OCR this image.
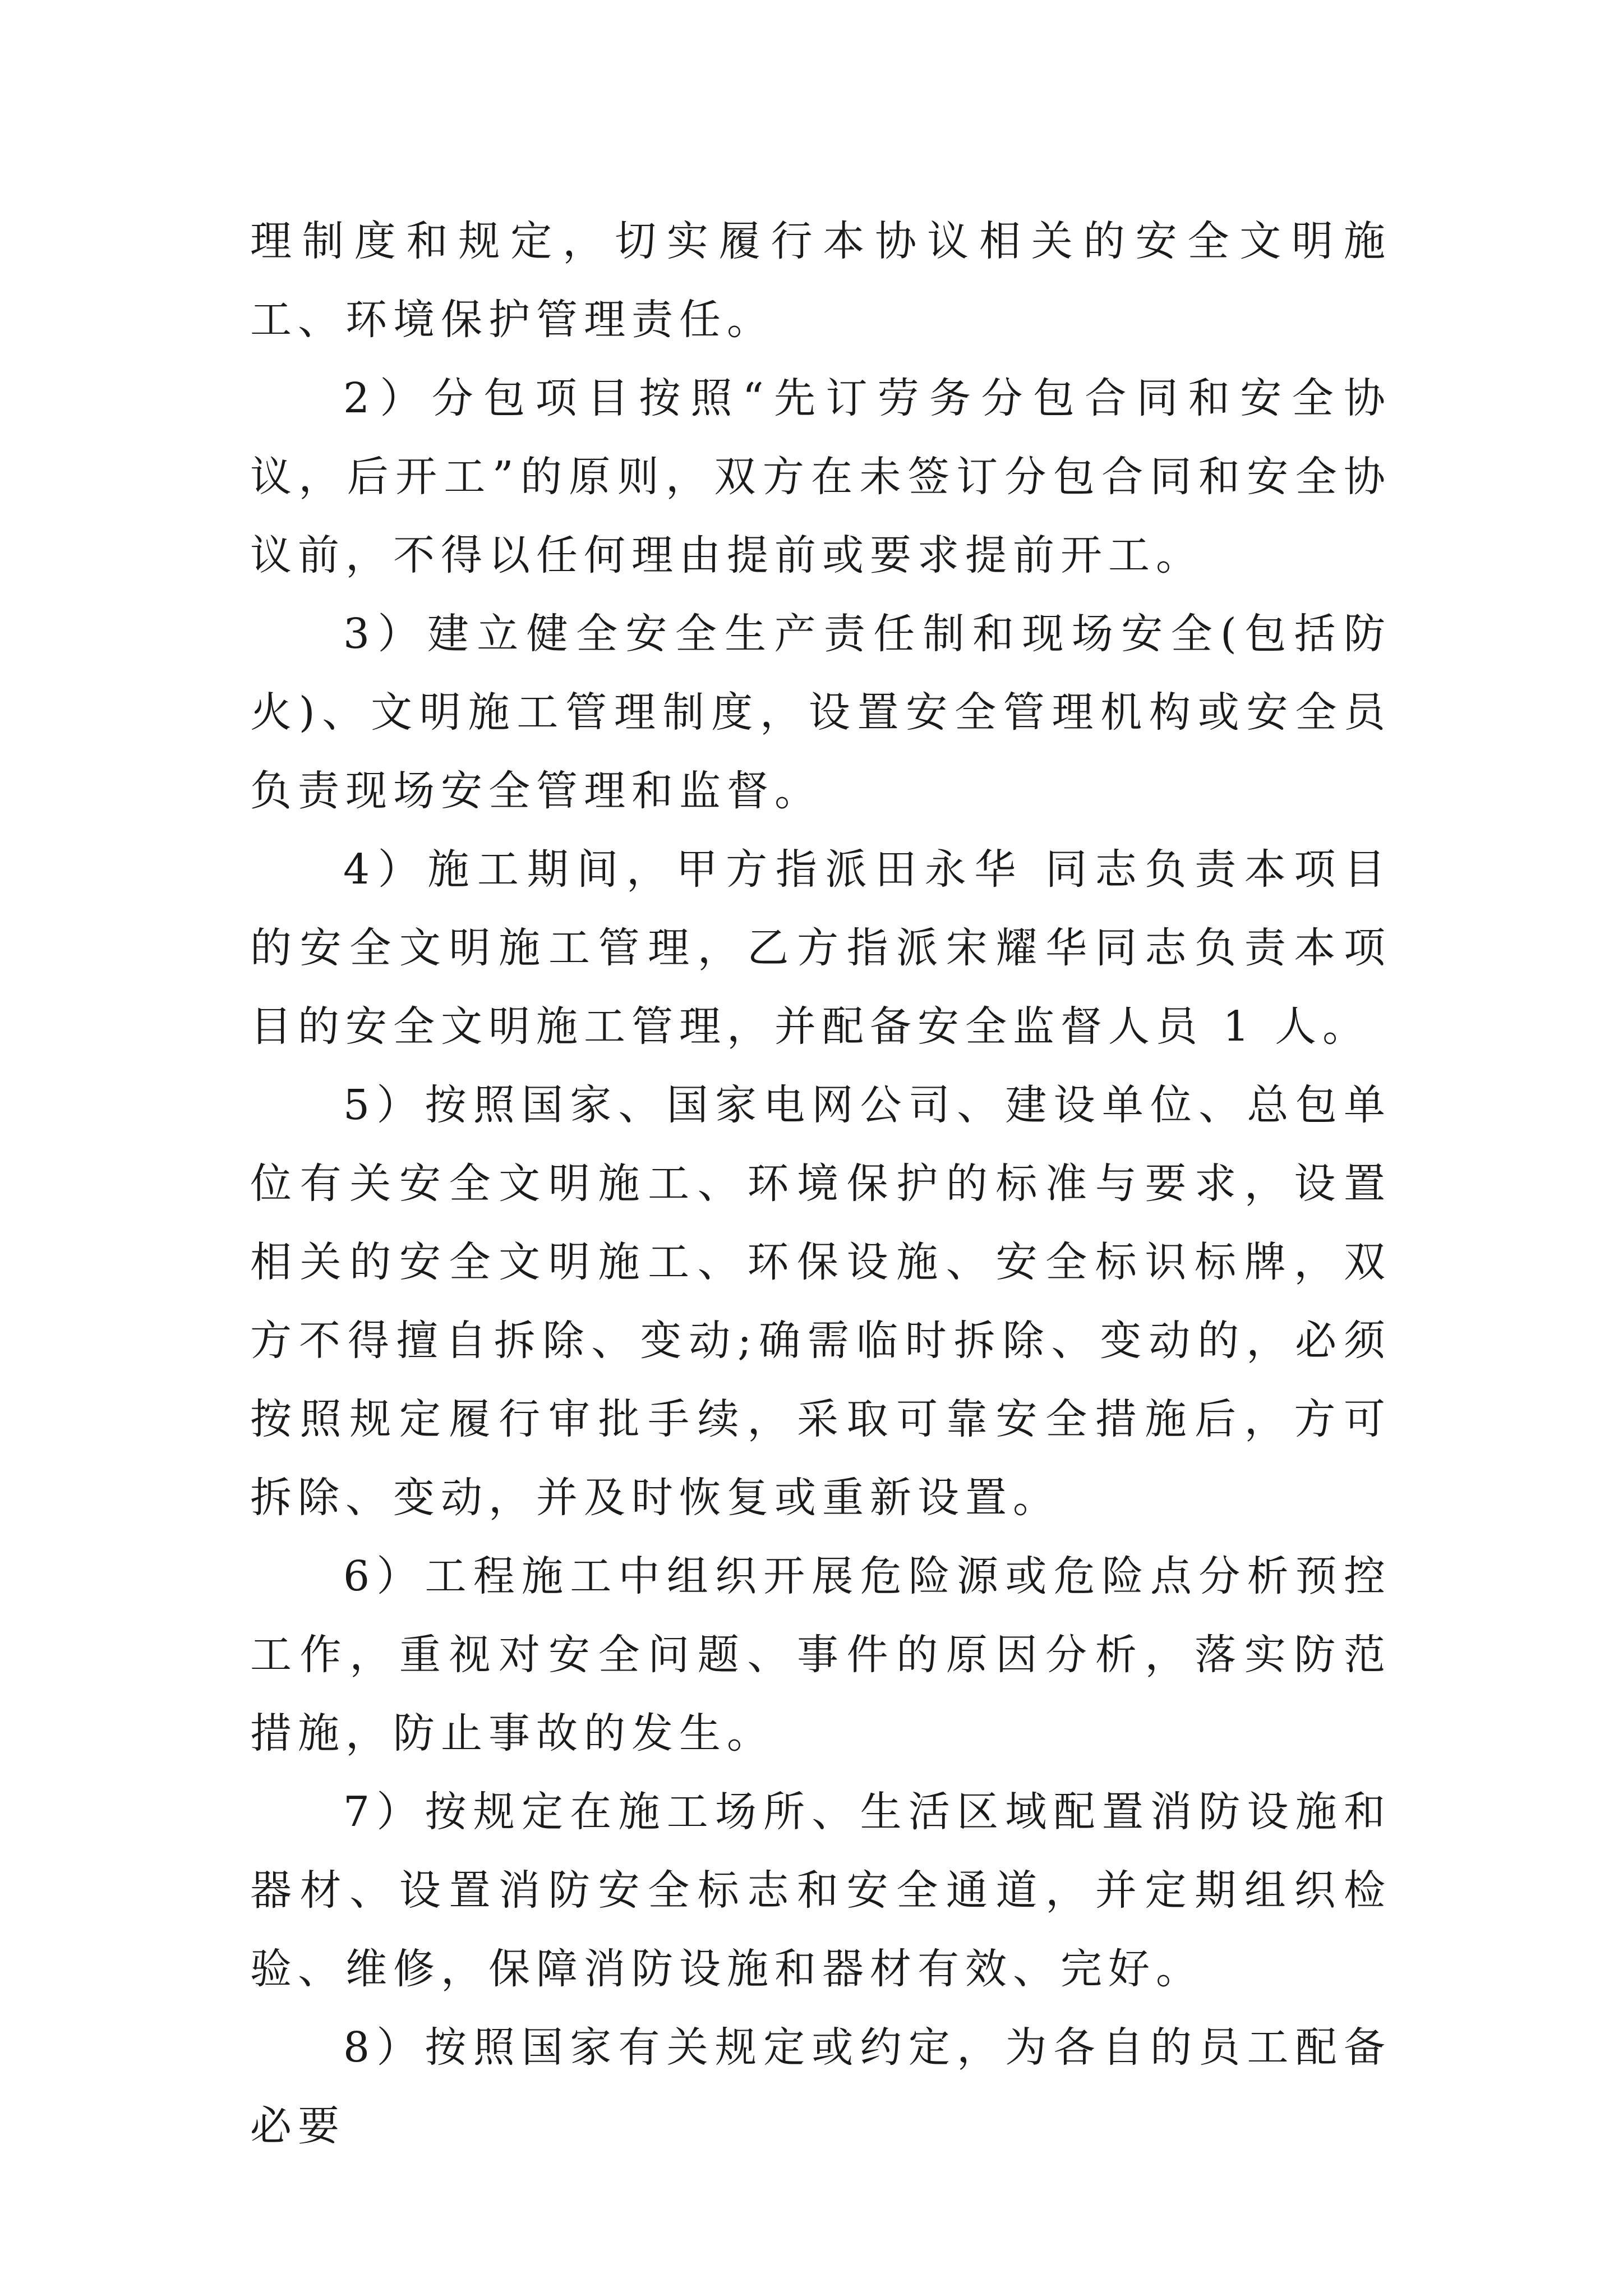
理制度和规定，切实履行本协议相关的安全文明施工、环境保护管理责任。

2）分包项目按照“先订劳务分包合同和安全协议，后开工”的原则，双方在未签订分包合同和安全协议前，不得以任何理由提前或要求提前开工。

3）建立健全安全生产责任制和现场安全(包括防火)、文明施工管理制度，设置安全管理机构或安全员负责现场安全管理和监督。

4）施工期间，甲方指派田永华 同志负责本项目的安全文明施工管理，乙方指派宋耀华同志负责本项目的安全文明施工管理，并配备安全监督人员 1 人。

5）按照国家、国家电网公司、建设单位、总包单位有关安全文明施工、环境保护的标准与要求，设置相关的安全文明施工、环保设施、安全标识标牌，双方不得擅自拆除、变动;确需临时拆除、变动的，必须按照规定履行审批手续，采取可靠安全措施后，方可拆除、变动，并及时恢复或重新设置。

6）工程施工中组织开展危险源或危险点分析预控工作，重视对安全问题、事件的原因分析，落实防范措施，防止事故的发生。

7）按规定在施工场所、生活区域配置消防设施和器材、设置消防安全标志和安全通道，并定期组织检验、维修，保障消防设施和器材有效、完好。

8）按照国家有关规定或约定，为各自的员工配备必要
